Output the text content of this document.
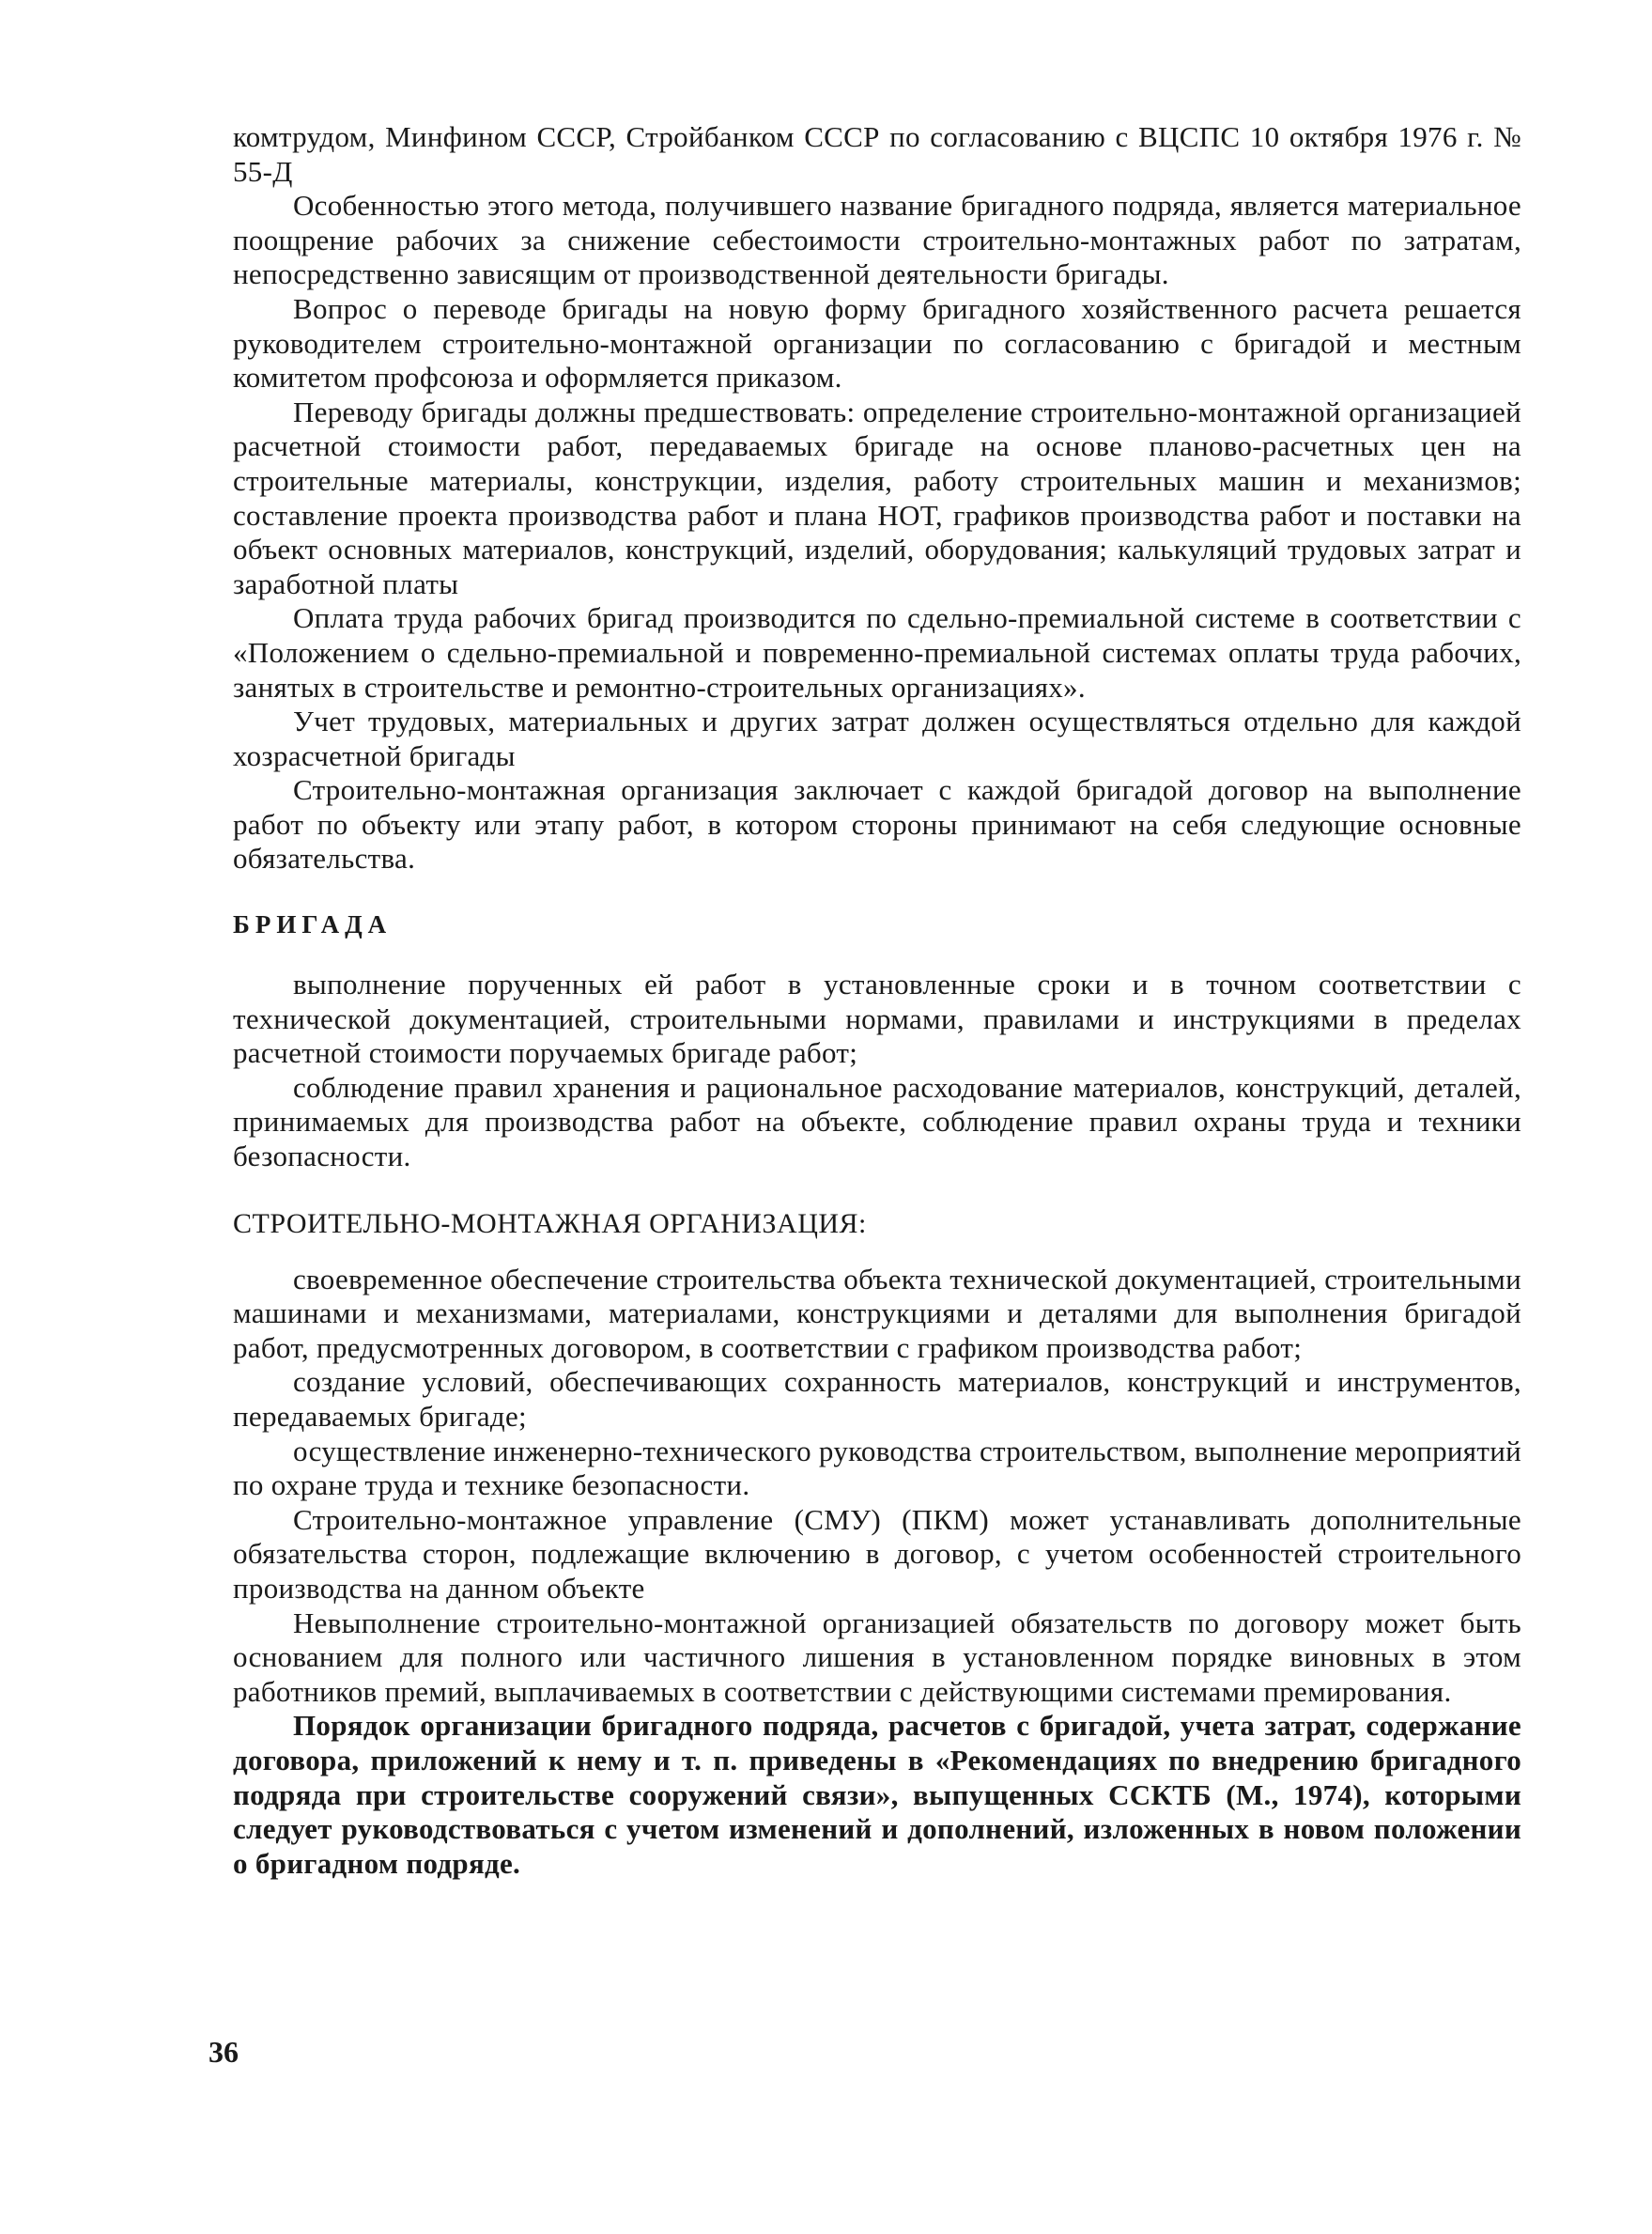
комтрудом, Минфином СССР, Стройбанком СССР по согласованию с ВЦСПС 10 октября 1976 г. № 55-Д

Особенностью этого метода, получившего название бригадного подряда, является материальное поощрение рабочих за снижение себестоимости строительно-монтажных работ по затратам, непосредственно зависящим от производственной деятельности бригады.

Вопрос о переводе бригады на новую форму бригадного хозяйственного расчета решается руководителем строительно-монтажной организации по согласованию с бригадой и местным комитетом профсоюза и оформляется приказом.

Переводу бригады должны предшествовать: определение строительно-монтажной организацией расчетной стоимости работ, передаваемых бригаде на основе планово-расчетных цен на строительные материалы, конструкции, изделия, работу строительных машин и механизмов; составление проекта производства работ и плана НОТ, графиков производства работ и поставки на объект основных материалов, конструкций, изделий, оборудования; калькуляций трудовых затрат и заработной платы

Оплата труда рабочих бригад производится по сдельно-премиальной системе в соответствии с «Положением о сдельно-премиальной и повременно-премиальной системах оплаты труда рабочих, занятых в строительстве и ремонтно-строительных организациях».

Учет трудовых, материальных и других затрат должен осуществляться отдельно для каждой хозрасчетной бригады

Строительно-монтажная организация заключает с каждой бригадой договор на выполнение работ по объекту или этапу работ, в котором стороны принимают на себя следующие основные обязательства.

БРИГАДА

выполнение порученных ей работ в установленные сроки и в точном соответствии с технической документацией, строительными нормами, правилами и инструкциями в пределах расчетной стоимости поручаемых бригаде работ;

соблюдение правил хранения и рациональное расходование материалов, конструкций, деталей, принимаемых для производства работ на объекте, соблюдение правил охраны труда и техники безопасности.

СТРОИТЕЛЬНО-МОНТАЖНАЯ ОРГАНИЗАЦИЯ:

своевременное обеспечение строительства объекта технической документацией, строительными машинами и механизмами, материалами, конструкциями и деталями для выполнения бригадой работ, предусмотренных договором, в соответствии с графиком производства работ;

создание условий, обеспечивающих сохранность материалов, конструкций и инструментов, передаваемых бригаде;

осуществление инженерно-технического руководства строительством, выполнение мероприятий по охране труда и технике безопасности.

Строительно-монтажное управление (СМУ) (ПКМ) может устанавливать дополнительные обязательства сторон, подлежащие включению в договор, с учетом особенностей строительного производства на данном объекте

Невыполнение строительно-монтажной организацией обязательств по договору может быть основанием для полного или частичного лишения в установленном порядке виновных в этом работников премий, выплачиваемых в соответствии с действующими системами премирования.

Порядок организации бригадного подряда, расчетов с бригадой, учета затрат, содержание договора, приложений к нему и т. п. приведены в «Рекомендациях по внедрению бригадного подряда при строительстве сооружений связи», выпущенных ССКТБ (М., 1974), которыми следует руководствоваться с учетом изменений и дополнений, изложенных в новом положении о бригадном подряде.

36
